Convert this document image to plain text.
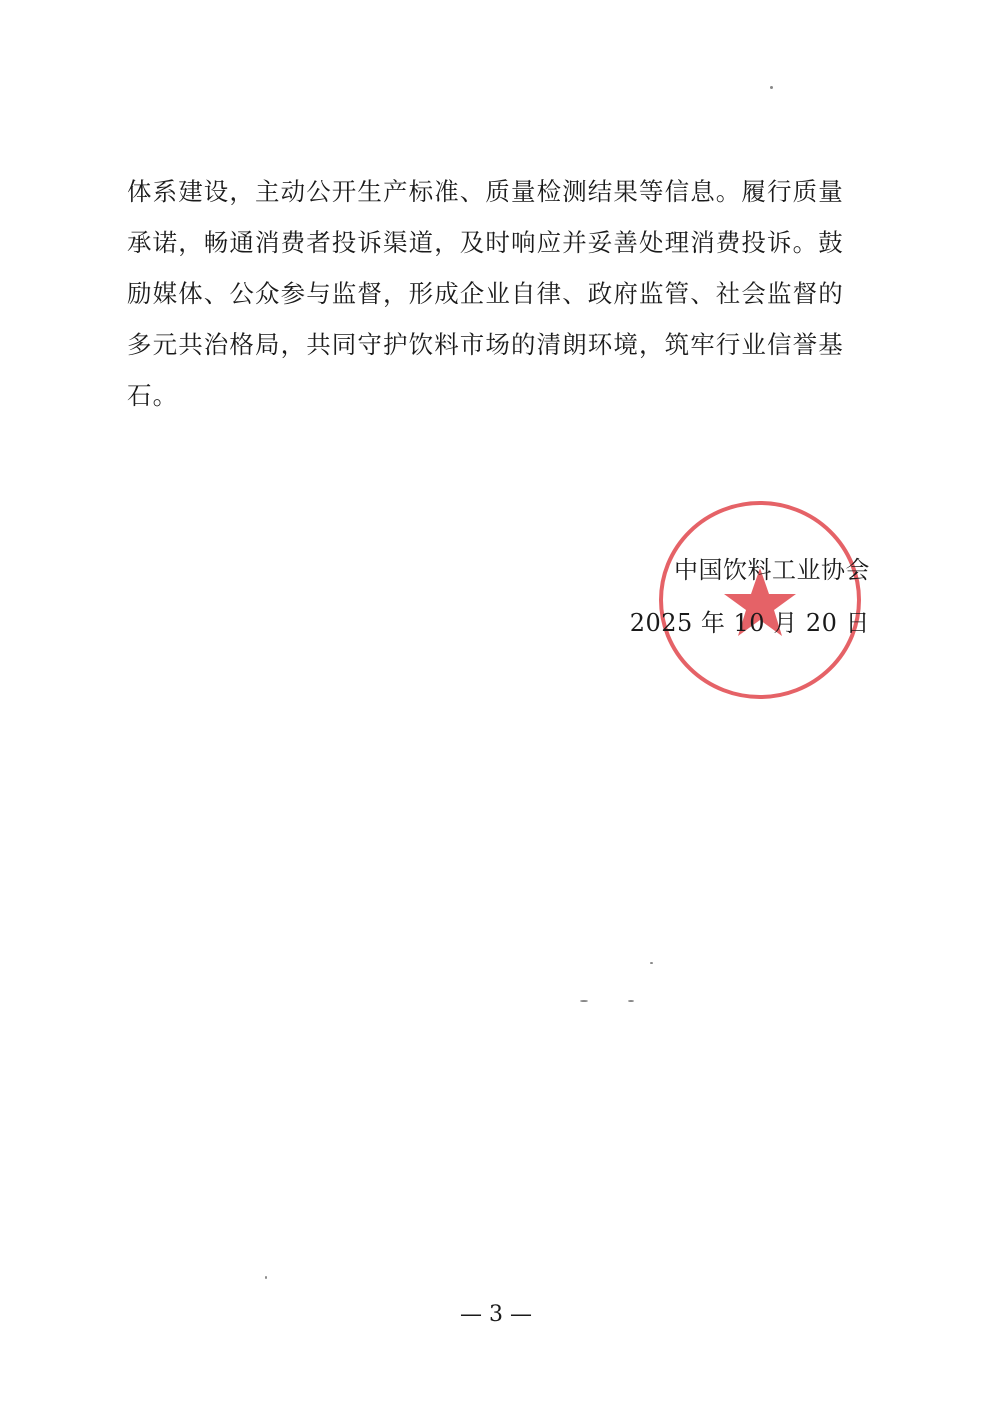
体系建设，主动公开生产标准、质量检测结果等信息。履行质量
承诺，畅通消费者投诉渠道，及时响应并妥善处理消费投诉。鼓
励媒体、公众参与监督，形成企业自律、政府监管、社会监督的
多元共治格局，共同守护饮料市场的清朗环境，筑牢行业信誉基
石。
中国饮料工业协会
2025 年 10 月 20 日
— 3 —
